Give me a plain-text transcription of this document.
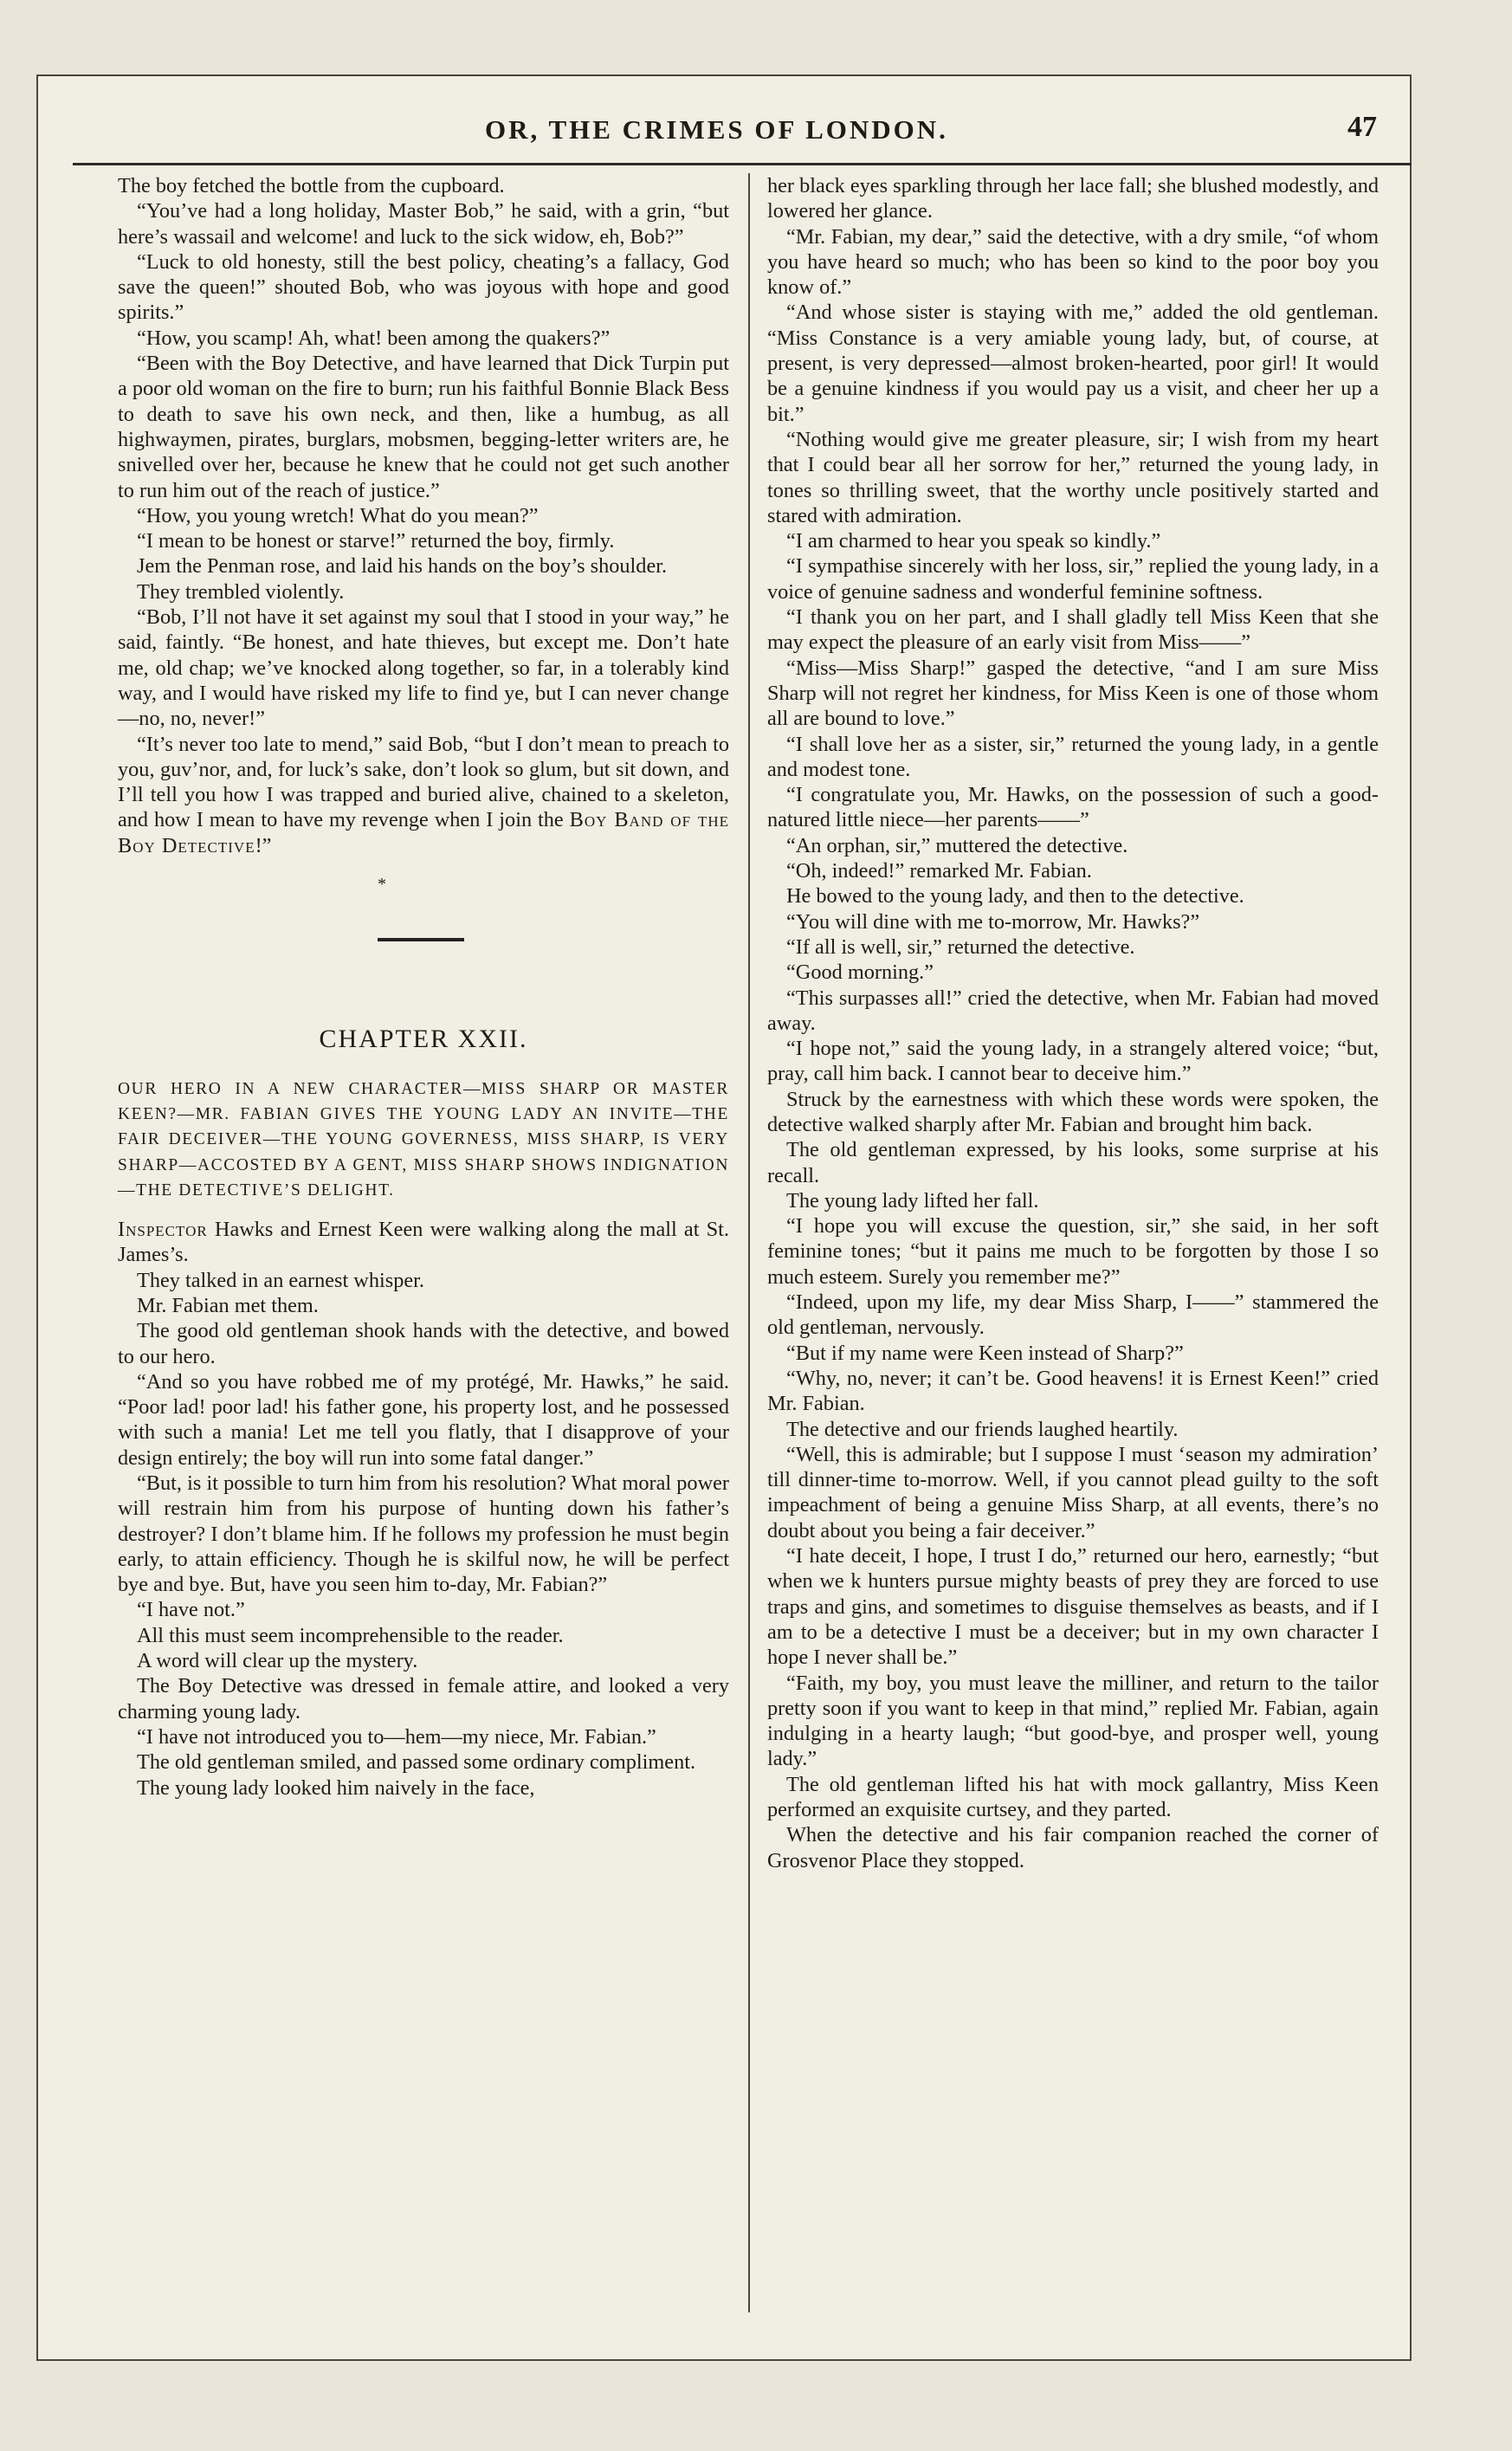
OR, THE CRIMES OF LONDON.	47

The boy fetched the bottle from the cupboard.

“You’ve had a long holiday, Master Bob,” he said, with a grin, “but here’s wassail and welcome! and luck to the sick widow, eh, Bob?”

“Luck to old honesty, still the best policy, cheating’s a fallacy, God save the queen!” shouted Bob, who was joyous with hope and good spirits.”

“How, you scamp! Ah, what! been among the quakers?”

“Been with the Boy Detective, and have learned that Dick Turpin put a poor old woman on the fire to burn; run his faithful Bonnie Black Bess to death to save his own neck, and then, like a humbug, as all highwaymen, pirates, burglars, mobsmen, begging-letter writers are, he snivelled over her, because he knew that he could not get such another to run him out of the reach of justice.”

“How, you young wretch! What do you mean?”

“I mean to be honest or starve!” returned the boy, firmly.

Jem the Penman rose, and laid his hands on the boy’s shoulder.

They trembled violently.

“Bob, I’ll not have it set against my soul that I stood in your way,” he said, faintly. “Be honest, and hate thieves, but except me. Don’t hate me, old chap; we’ve knocked along together, so far, in a tolerably kind way, and I would have risked my life to find ye, but I can never change—no, no, never!”

“It’s never too late to mend,” said Bob, “but I don’t mean to preach to you, guv’nor, and, for luck’s sake, don’t look so glum, but sit down, and I’ll tell you how I was trapped and buried alive, chained to a skeleton, and how I mean to have my revenge when I join the Boy Band of the Boy Detective!”

*
CHAPTER XXII.
OUR HERO IN A NEW CHARACTER—MISS SHARP OR MASTER KEEN?—MR. FABIAN GIVES THE YOUNG LADY AN INVITE—THE FAIR DECEIVER—THE YOUNG GOVERNESS, MISS SHARP, IS VERY SHARP—ACCOSTED BY A GENT, MISS SHARP SHOWS INDIGNATION—THE DETECTIVE’S DELIGHT.

Inspector Hawks and Ernest Keen were walking along the mall at St. James’s.

They talked in an earnest whisper.

Mr. Fabian met them.

The good old gentleman shook hands with the detective, and bowed to our hero.

“And so you have robbed me of my protégé, Mr. Hawks,” he said. “Poor lad! poor lad! his father gone, his property lost, and he possessed with such a mania! Let me tell you flatly, that I disapprove of your design entirely; the boy will run into some fatal danger.”

“But, is it possible to turn him from his resolution? What moral power will restrain him from his purpose of hunting down his father’s destroyer? I don’t blame him. If he follows my profession he must begin early, to attain efficiency. Though he is skilful now, he will be perfect bye and bye. But, have you seen him to-day, Mr. Fabian?”

“I have not.”

All this must seem incomprehensible to the reader.

A word will clear up the mystery.

The Boy Detective was dressed in female attire, and looked a very charming young lady.

“I have not introduced you to—hem—my niece, Mr. Fabian.”

The old gentleman smiled, and passed some ordinary compliment.

The young lady looked him naively in the face,

her black eyes sparkling through her lace fall; she blushed modestly, and lowered her glance.

“Mr. Fabian, my dear,” said the detective, with a dry smile, “of whom you have heard so much; who has been so kind to the poor boy you know of.”

“And whose sister is staying with me,” added the old gentleman. “Miss Constance is a very amiable young lady, but, of course, at present, is very depressed—almost broken-hearted, poor girl! It would be a genuine kindness if you would pay us a visit, and cheer her up a bit.”

“Nothing would give me greater pleasure, sir; I wish from my heart that I could bear all her sorrow for her,” returned the young lady, in tones so thrilling sweet, that the worthy uncle positively started and stared with admiration.

“I am charmed to hear you speak so kindly.”

“I sympathise sincerely with her loss, sir,” replied the young lady, in a voice of genuine sadness and wonderful feminine softness.

“I thank you on her part, and I shall gladly tell Miss Keen that she may expect the pleasure of an early visit from Miss——”

“Miss—Miss Sharp!” gasped the detective, “and I am sure Miss Sharp will not regret her kindness, for Miss Keen is one of those whom all are bound to love.”

“I shall love her as a sister, sir,” returned the young lady, in a gentle and modest tone.

“I congratulate you, Mr. Hawks, on the possession of such a good-natured little niece—her parents——”

“An orphan, sir,” muttered the detective.

“Oh, indeed!” remarked Mr. Fabian.

He bowed to the young lady, and then to the detective.

“You will dine with me to-morrow, Mr. Hawks?”

“If all is well, sir,” returned the detective.

“Good morning.”

“This surpasses all!” cried the detective, when Mr. Fabian had moved away.

“I hope not,” said the young lady, in a strangely altered voice; “but, pray, call him back. I cannot bear to deceive him.”

Struck by the earnestness with which these words were spoken, the detective walked sharply after Mr. Fabian and brought him back.

The old gentleman expressed, by his looks, some surprise at his recall.

The young lady lifted her fall.

“I hope you will excuse the question, sir,” she said, in her soft feminine tones; “but it pains me much to be forgotten by those I so much esteem. Surely you remember me?”

“Indeed, upon my life, my dear Miss Sharp, I——” stammered the old gentleman, nervously.

“But if my name were Keen instead of Sharp?”

“Why, no, never; it can’t be. Good heavens! it is Ernest Keen!” cried Mr. Fabian.

The detective and our friends laughed heartily.

“Well, this is admirable; but I suppose I must ‘season my admiration’ till dinner-time to-morrow. Well, if you cannot plead guilty to the soft impeachment of being a genuine Miss Sharp, at all events, there’s no doubt about you being a fair deceiver.”

“I hate deceit, I hope, I trust I do,” returned our hero, earnestly; “but when we k hunters pursue mighty beasts of prey they are forced to use traps and gins, and sometimes to disguise themselves as beasts, and if I am to be a detective I must be a deceiver; but in my own character I hope I never shall be.”

“Faith, my boy, you must leave the milliner, and return to the tailor pretty soon if you want to keep in that mind,” replied Mr. Fabian, again indulging in a hearty laugh; “but good-bye, and prosper well, young lady.”

The old gentleman lifted his hat with mock gallantry, Miss Keen performed an exquisite curtsey, and they parted.

When the detective and his fair companion reached the corner of Grosvenor Place they stopped.
